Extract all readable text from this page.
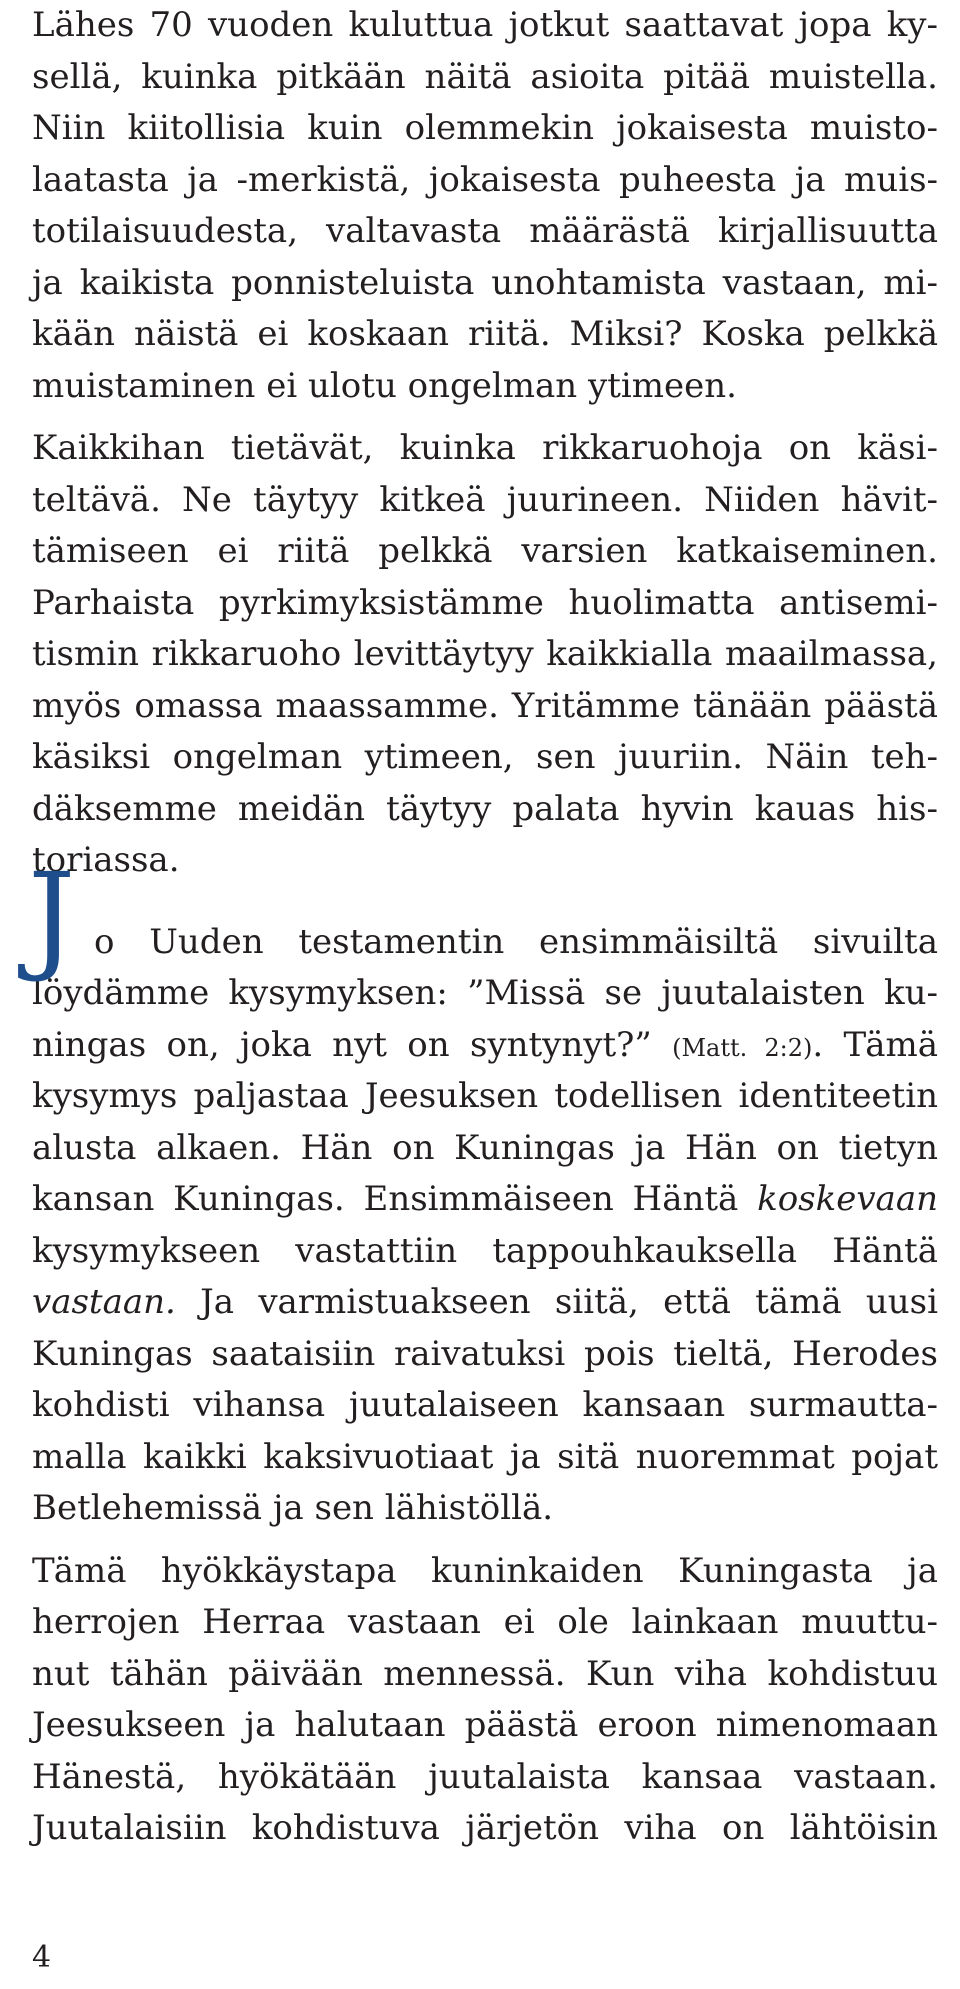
Lähes 70 vuoden kuluttua jotkut saattavat jopa ky-
sellä, kuinka pitkään näitä asioita pitää muistella.
Niin kiitollisia kuin olemmekin jokaisesta muisto-
laatasta ja -merkistä, jokaisesta puheesta ja muis-
totilaisuudesta, valtavasta määrästä kirjallisuutta
ja kaikista ponnisteluista unohtamista vastaan, mi-
kään näistä ei koskaan riitä. Miksi? Koska pelkkä
muistaminen ei ulotu ongelman ytimeen.
Kaikkihan tietävät, kuinka rikkaruohoja on käsi-
teltävä. Ne täytyy kitkeä juurineen. Niiden hävit-
tämiseen ei riitä pelkkä varsien katkaiseminen.
Parhaista pyrkimyksistämme huolimatta antisemi-
tismin rikkaruoho levittäytyy kaikkialla maailmassa,
myös omassa maassamme. Yritämme tänään päästä
käsiksi ongelman ytimeen, sen juuriin. Näin teh-
däksemme meidän täytyy palata hyvin kauas his-
toriassa.
J o Uuden testamentin ensimmäisiltä sivuilta
löydämme kysymyksen: ”Missä se juutalaisten ku-
ningas on, joka nyt on syntynyt?” (Matt. 2:2). Tämä
kysymys paljastaa Jeesuksen todellisen identiteetin
alusta alkaen. Hän on Kuningas ja Hän on tietyn
kansan Kuningas. Ensimmäiseen Häntä koskevaan
kysymykseen vastattiin tappouhkauksella Häntä
vastaan. Ja varmistuakseen siitä, että tämä uusi
Kuningas saataisiin raivatuksi pois tieltä, Herodes
kohdisti vihansa juutalaiseen kansaan surmautta-
malla kaikki kaksivuotiaat ja sitä nuoremmat pojat
Betlehemissä ja sen lähistöllä.
Tämä hyökkäystapa kuninkaiden Kuningasta ja
herrojen Herraa vastaan ei ole lainkaan muuttu-
nut tähän päivään mennessä. Kun viha kohdistuu
Jeesukseen ja halutaan päästä eroon nimenomaan
Hänestä, hyökätään juutalaista kansaa vastaan.
Juutalaisiin kohdistuva järjetön viha on lähtöisin
4
